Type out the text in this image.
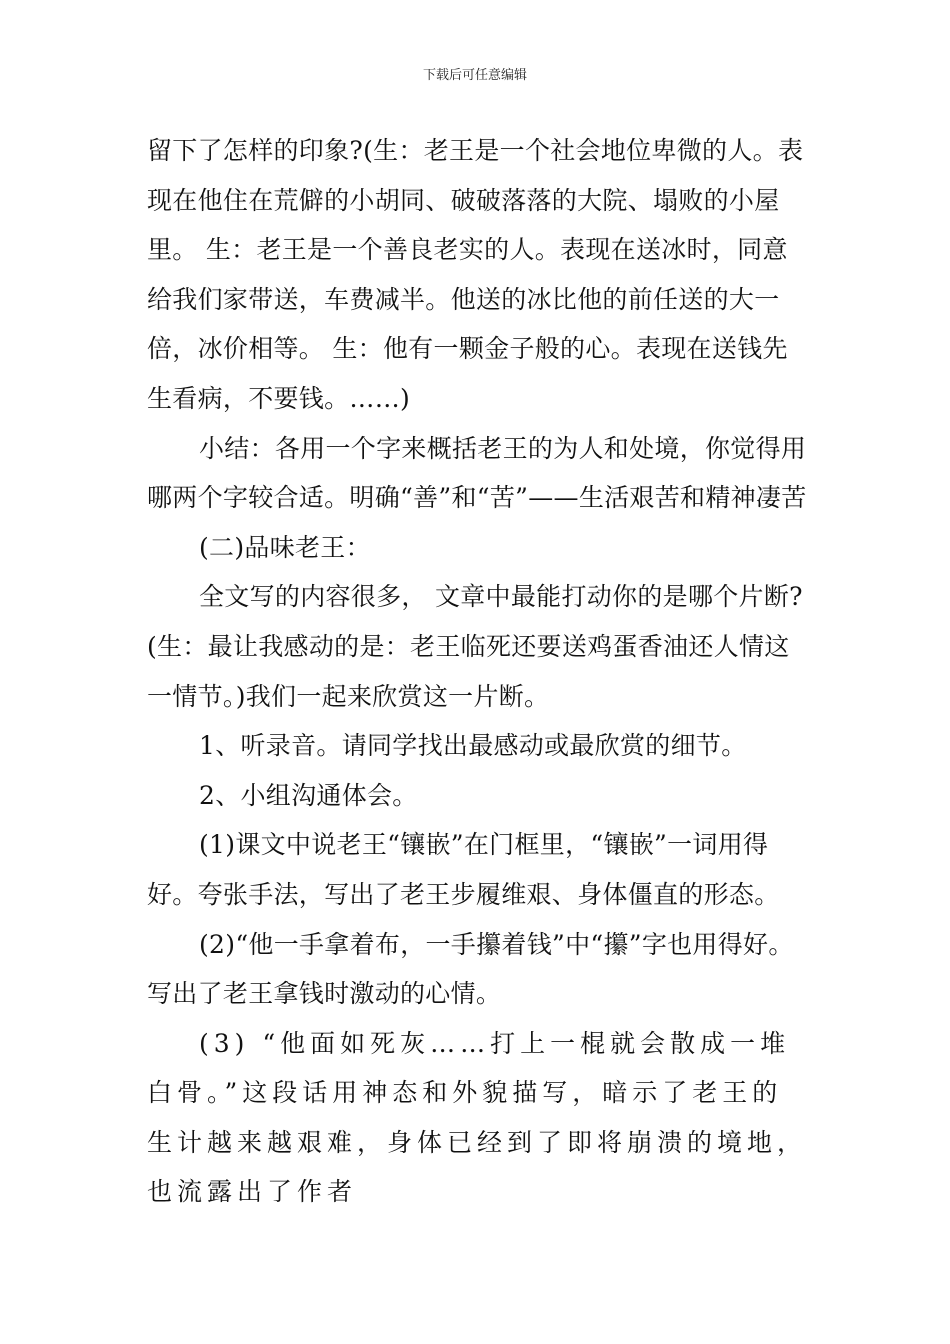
下载后可任意编辑

留下了怎样的印象?(生：老王是一个社会地位卑微的人。表现在他住在荒僻的小胡同、破破落落的大院、塌败的小屋里。 生：老王是一个善良老实的人。表现在送冰时，同意给我们家带送，车费减半。他送的冰比他的前任送的大一倍，冰价相等。 生：他有一颗金子般的心。表现在送钱先生看病，不要钱。……)

小结：各用一个字来概括老王的为人和处境，你觉得用哪两个字较合适。明确“善”和“苦”——生活艰苦和精神凄苦

(二)品味老王：

全文写的内容很多， 文章中最能打动你的是哪个片断?(生：最让我感动的是：老王临死还要送鸡蛋香油还人情这一情节。)我们一起来欣赏这一片断。

1、听录音。请同学找出最感动或最欣赏的细节。

2、小组沟通体会。

(1)课文中说老王“镶嵌”在门框里，“镶嵌”一词用得好。夸张手法，写出了老王步履维艰、身体僵直的形态。

(2)“他一手拿着布，一手攥着钱”中“攥”字也用得好。写出了老王拿钱时激动的心情。

(3) “他面如死灰……打上一棍就会散成一堆白骨。”这段话用神态和外貌描写，暗示了老王的生计越来越艰难，身体已经到了即将崩溃的境地，也流露出了作者
